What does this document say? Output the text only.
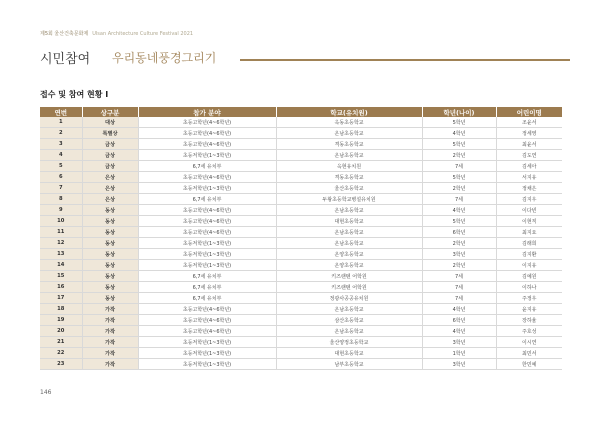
제5회 울산건축문화제 Ulsan Architecture Culture Festival 2021
시민참여 우리동네풍경그리기
접수 및 참여 현황 I
연번	상구분	참가 분야	학교(유치원)	학년(나이)	어린이명
1	대상	초등고학년(4~6학년)	옥동초등학교	5학년	조윤서
2	특별상	초등고학년(4~6학년)	온남초등학교	4학년	정세영
3	금상	초등고학년(4~6학년)	격동초등학교	5학년	최윤서
4	금상	초등저학년(1~3학년)	온남초등학교	2학년	김도연
5	금상	6,7세 유치부	옥현유치원	7세	김세아
6	은상	초등고학년(4~6학년)	격동초등학교	5학년	서지유
7	은상	초등저학년(1~3학년)	울산초등학교	2학년	정채은
8	은상	6,7세 유치부	두왕초등학교병설유치원	7세	김지우
9	동상	초등고학년(4~6학년)	온남초등학교	4학년	이다빈
10	동상	초등고학년(4~6학년)	대현초등학교	5학년	이현직
11	동상	초등고학년(4~6학년)	온남초등학교	6학년	최지요
12	동상	초등저학년(1~3학년)	온남초등학교	2학년	김래희
13	동상	초등저학년(1~3학년)	온양초등학교	3학년	김지환
14	동상	초등저학년(1~3학년)	온양초등학교	2학년	이지유
15	동상	6,7세 유치부	키즈랜텐 어학원	7세	김예원
16	동상	6,7세 유치부	키즈랜텐 어학원	7세	이하나
17	동상	6,7세 유치부	정광사공공유치원	7세	주정우
18	가작	초등고학년(4~6학년)	온남초등학교	4학년	윤지유
19	가작	초등고학년(4~6학년)	삼산초등학교	6학년	장하율
20	가작	초등고학년(4~6학년)	온남초등학교	4학년	주호성
21	가작	초등저학년(1~3학년)	울산양정초등학교	3학년	이시연
22	가작	초등저학년(1~3학년)	대현초등학교	1학년	최민서
23	가작	초등저학년(1~3학년)	남부초등학교	3학년	한민예
146
